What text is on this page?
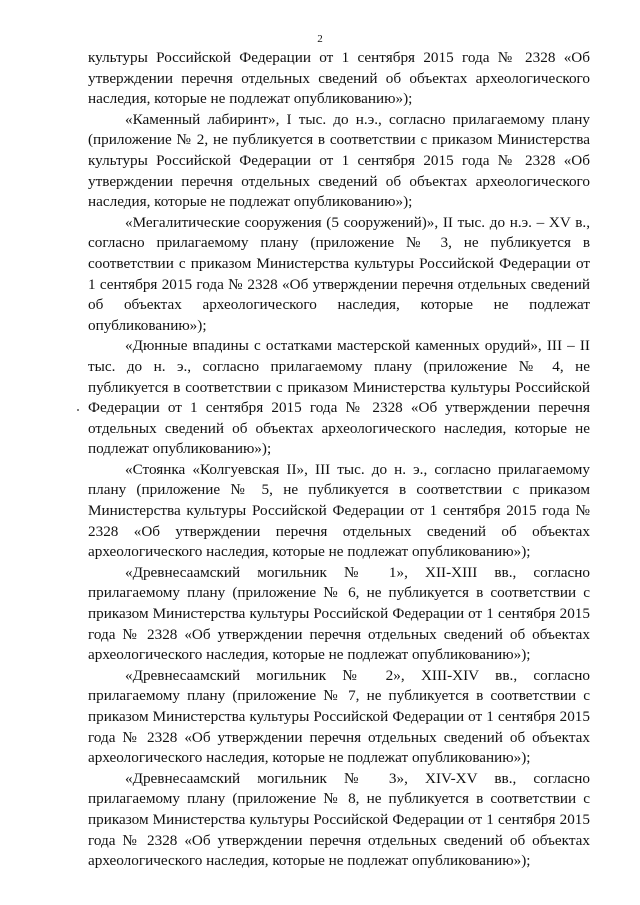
2

культуры Российской Федерации от 1 сентября 2015 года № 2328 «Об утверждении перечня отдельных сведений об объектах археологического наследия, которые не подлежат опубликованию»);

«Каменный лабиринт», I тыс. до н.э., согласно прилагаемому плану (приложение № 2, не публикуется в соответствии с приказом Министерства культуры Российской Федерации от 1 сентября 2015 года № 2328 «Об утверждении перечня отдельных сведений об объектах археологического наследия, которые не подлежат опубликованию»);

«Мегалитические сооружения (5 сооружений)», II тыс. до н.э. – XV в., согласно прилагаемому плану (приложение № 3, не публикуется в соответствии с приказом Министерства культуры Российской Федерации от 1 сентября 2015 года № 2328 «Об утверждении перечня отдельных сведений об объектах археологического наследия, которые не подлежат опубликованию»);

«Дюнные впадины с остатками мастерской каменных орудий», III – II тыс. до н. э., согласно прилагаемому плану (приложение № 4, не публикуется в соответствии с приказом Министерства культуры Российской Федерации от 1 сентября 2015 года № 2328 «Об утверждении перечня отдельных сведений об объектах археологического наследия, которые не подлежат опубликованию»);

«Стоянка «Колгуевская II», III тыс. до н. э., согласно прилагаемому плану (приложение № 5, не публикуется в соответствии с приказом Министерства культуры Российской Федерации от 1 сентября 2015 года № 2328 «Об утверждении перечня отдельных сведений об объектах археологического наследия, которые не подлежат опубликованию»);

«Древнесаамский могильник № 1», XII-XIII вв., согласно прилагаемому плану (приложение № 6, не публикуется в соответствии с приказом Министерства культуры Российской Федерации от 1 сентября 2015 года № 2328 «Об утверждении перечня отдельных сведений об объектах археологического наследия, которые не подлежат опубликованию»);

«Древнесаамский могильник № 2», XIII-XIV вв., согласно прилагаемому плану (приложение № 7, не публикуется в соответствии с приказом Министерства культуры Российской Федерации от 1 сентября 2015 года № 2328 «Об утверждении перечня отдельных сведений об объектах археологического наследия, которые не подлежат опубликованию»);

«Древнесаамский могильник № 3», XIV-XV вв., согласно прилагаемому плану (приложение № 8, не публикуется в соответствии с приказом Министерства культуры Российской Федерации от 1 сентября 2015 года № 2328 «Об утверждении перечня отдельных сведений об объектах археологического наследия, которые не подлежат опубликованию»);
